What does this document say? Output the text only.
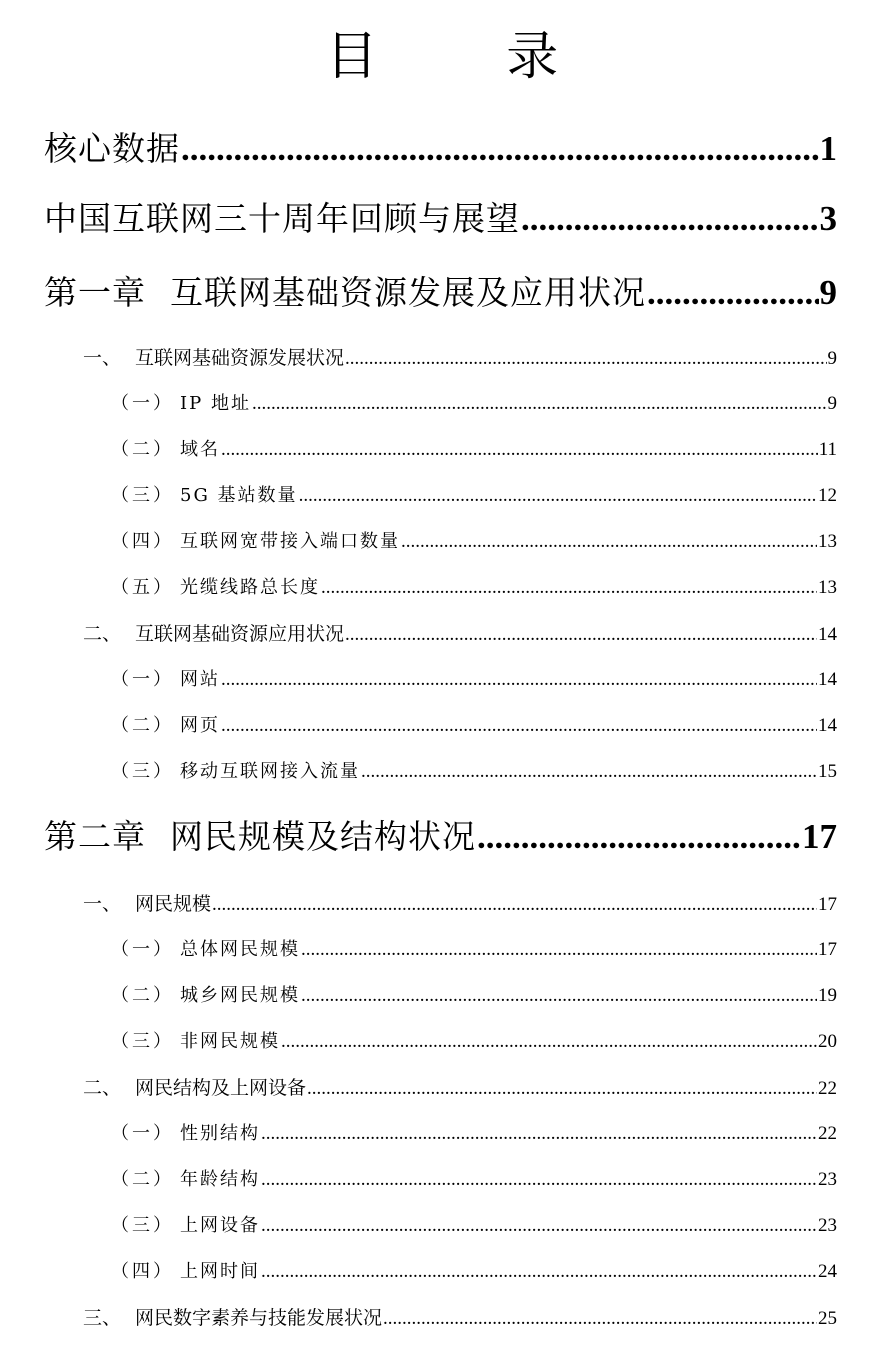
目 录
核心数据 .....	1
中国互联网三十周年回顾与展望 .....	3
第一章 互联网基础资源发展及应用状况 .....	9
一、 互联网基础资源发展状况 .....	9
（一） IP 地址 .....	9
（二） 域名 .....	11
（三） 5G 基站数量 .....	12
（四） 互联网宽带接入端口数量 .....	13
（五） 光缆线路总长度 .....	13
二、 互联网基础资源应用状况 .....	14
（一） 网站 .....	14
（二） 网页 .....	14
（三） 移动互联网接入流量 .....	15
第二章 网民规模及结构状况 .....	17
一、 网民规模 .....	17
（一） 总体网民规模 .....	17
（二） 城乡网民规模 .....	19
（三） 非网民规模 .....	20
二、 网民结构及上网设备 .....	22
（一） 性别结构 .....	22
（二） 年龄结构 .....	23
（三） 上网设备 .....	23
（四） 上网时间 .....	24
三、 网民数字素养与技能发展状况 .....	25
